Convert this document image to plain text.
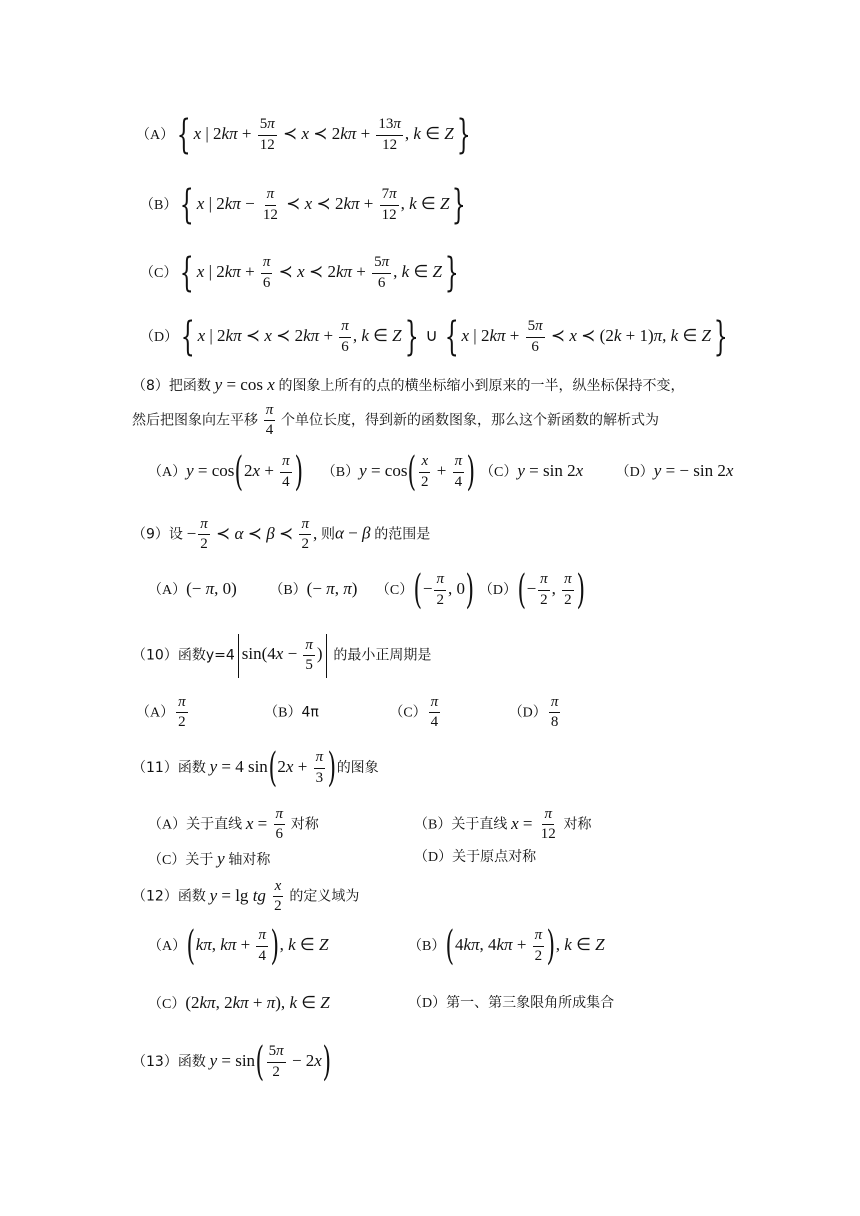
（A）{ x | $2k\pi + \frac{5\pi}{12}$ ≺ x ≺ $2k\pi + \frac{13\pi}{12}$ , k ∈ Z}
（B）{ x | $2k\pi - \frac{\pi}{12}$ ≺ x ≺ $2k\pi + \frac{7\pi}{12}$ , k ∈ Z}
（C）{ x | $2k\pi + \frac{\pi}{6}$ ≺ x ≺ $2k\pi + \frac{5\pi}{6}$ , k ∈ Z}
（D）{ x | 2kπ ≺ x ≺ $2k\pi + \frac{\pi}{6}$ , k ∈ Z} ∪ { x | $2k\pi + \frac{5\pi}{6}$ ≺ x ≺ (2k + 1)π, k ∈ Z}
（8）把函数 y = cos x 的图象上所有的点的横坐标缩小到原来的一半，纵坐标保持不变，
然后把图象向左平移 $\frac{\pi}{4}$ 个单位长度，得到新的函数图象，那么这个新函数的解析式为
$(A)y = \cos(2x + \frac{\pi}{4}$ ) $(B)y = \cos( \frac{x}{2} + \frac{\pi}{4}$ ) （C）y = sin 2x （D）y = − sin 2x
（9）设 − $\frac{\pi}{2}$ ≺ α ≺ β ≺ $\frac{\pi}{2}$ , 则α − β 的范围是
（A）(− π, 0)  （B）(− π, π)  $(C)(- \frac{\pi}{2}$ , 0) $(D)(- \frac{\pi}{2}$ , $\frac{\pi}{2}$ )
（10）函数y=4 $\sin(4x - \frac{\pi}{5}$ ) 的最小正周期是
$(A) \frac{\pi}{2}$	（B）4π	$(C) \frac{\pi}{4}$	$(D) \frac{\pi}{8}$
（11）函数 y = 4 $\sin(2x + \frac{\pi}{3}$ )的图象
（A）关于直线 $x = \frac{\pi}{6}$ 对称	（B）关于直线 $x = \frac{\pi}{12}$ 对称
（C）关于 y 轴对称	（D）关于原点对称
（12）函数 y = lg tg $\frac{x}{2}$ 的定义域为
（A）(kπ, $k\pi + \frac{\pi}{4}$ ), k ∈ Z	（B）(4kπ, $4k\pi + \frac{\pi}{2}$ ), k ∈ Z
（C）(2kπ, 2kπ + π), k ∈ Z	（D）第一、第三象限角所成集合
（13）函数 $y = \sin( \frac{5\pi}{2} - 2x)$
